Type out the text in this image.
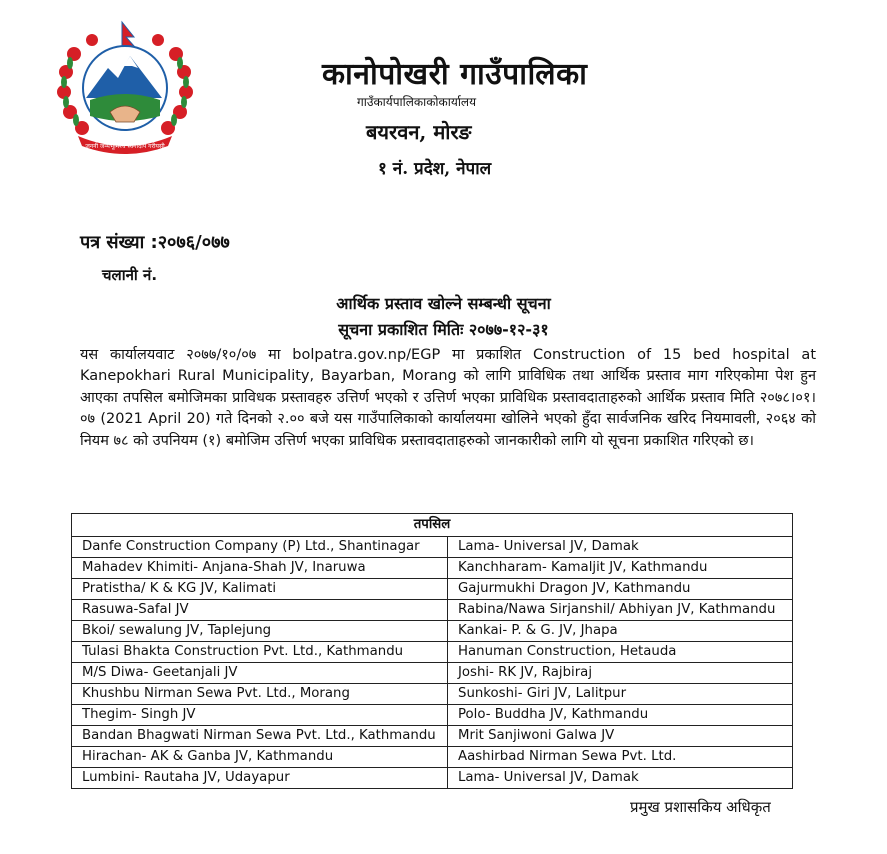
जननी जन्मभूमिश्च स्वर्गादपि गरीयसी
कानोपोखरी गाउँपालिका
गाउँकार्यपालिकाकोकार्यालय
बयरवन, मोरङ
१ नं. प्रदेश, नेपाल
पत्र संख्या :२०७६/०७७
चलानी नं.
आर्थिक प्रस्ताव खोल्ने सम्बन्धी सूचना
सूचना प्रकाशित मितिः २०७७-१२-३१
यस कार्यालयवाट २०७७/१०/०७ मा bolpatra.gov.np/EGP मा प्रकाशित Construction of 15 bed hospital at Kanepokhari Rural Municipality, Bayarban, Morang को लागि प्राविधिक तथा आर्थिक प्रस्ताव माग गरिएकोमा पेश हुन आएका तपसिल बमोजिमका प्राविधक प्रस्तावहरु उत्तिर्ण भएको र उत्तिर्ण भएका प्राविधिक प्रस्तावदाताहरुको आर्थिक प्रस्ताव मिति २०७८।०१।०७ (2021 April 20) गते दिनको २.०० बजे यस गाउँपालिकाको कार्यालयमा खोलिने भएको हुँदा सार्वजनिक खरिद नियमावली, २०६४ को नियम ७८ को उपनियम (१) बमोजिम उत्तिर्ण भएका प्राविधिक प्रस्तावदाताहरुको जानकारीको लागि यो सूचना प्रकाशित गरिएको छ।
तपसिल	
Danfe Construction Company (P) Ltd., Shantinagar	Lama- Universal JV, Damak
Mahadev Khimiti- Anjana-Shah JV, Inaruwa	Kanchharam- Kamaljit JV, Kathmandu
Pratistha/ K & KG JV, Kalimati	Gajurmukhi Dragon JV, Kathmandu
Rasuwa-Safal JV	Rabina/Nawa Sirjanshil/ Abhiyan JV, Kathmandu
Bkoi/ sewalung JV, Taplejung	Kankai- P. & G. JV, Jhapa
Tulasi Bhakta Construction Pvt. Ltd., Kathmandu	Hanuman Construction, Hetauda
M/S Diwa- Geetanjali JV	Joshi- RK JV, Rajbiraj
Khushbu Nirman Sewa Pvt. Ltd., Morang	Sunkoshi- Giri JV, Lalitpur
Thegim- Singh JV	Polo- Buddha JV, Kathmandu
Bandan Bhagwati Nirman Sewa Pvt. Ltd., Kathmandu	Mrit Sanjiwoni Galwa JV
Hirachan- AK & Ganba JV, Kathmandu	Aashirbad Nirman Sewa Pvt. Ltd.
Lumbini- Rautaha JV, Udayapur	Lama- Universal JV, Damak
प्रमुख प्रशासकिय अधिकृत
